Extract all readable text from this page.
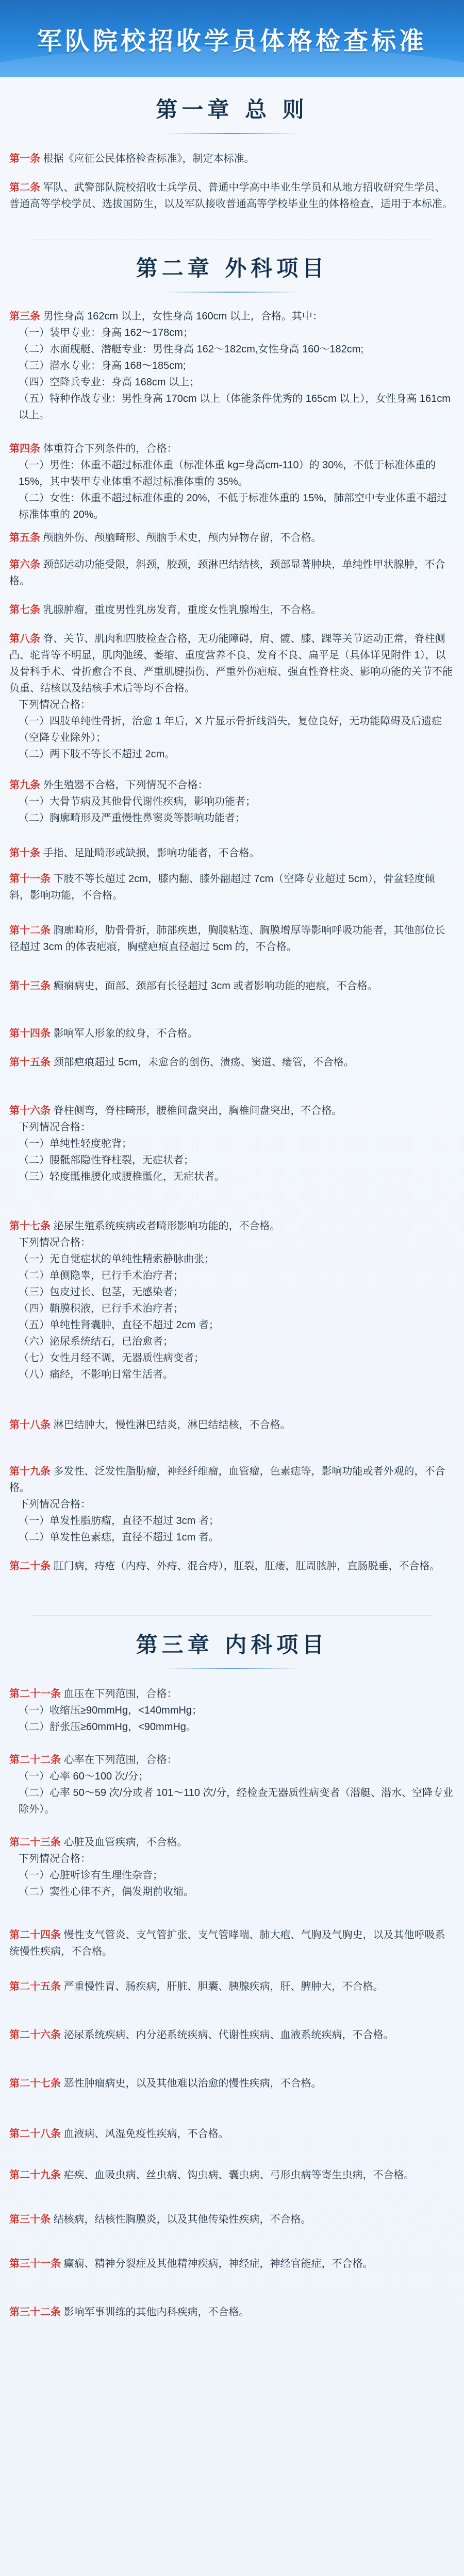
军队院校招收学员体格检查标准
第一章 总 则
第一条 根据《应征公民体格检查标准》，制定本标准。
第二条 军队、武警部队院校招收士兵学员、普通中学高中毕业生学员和从地方招收研究生学员、普通高等学校学员、选拔国防生，以及军队接收普通高等学校毕业生的体格检查，适用于本标准。
第二章 外科项目
第三条 男性身高 162cm 以上，女性身高 160cm 以上，合格。其中：
（一）装甲专业：身高 162～178cm；
（二）水面舰艇、潜艇专业：男性身高 162～182cm,女性身高 160～182cm;
（三）潜水专业：身高 168～185cm;
（四）空降兵专业：身高 168cm 以上；
（五）特种作战专业：男性身高 170cm 以上（体能条件优秀的 165cm 以上），女性身高 161cm 以上。
第四条 体重符合下列条件的，合格：
（一）男性：体重不超过标准体重（标准体重 kg=身高cm-110）的 30%，不低于标准体重的 15%，其中装甲专业体重不超过标准体重的 35%。
（二）女性：体重不超过标准体重的 20%，不低于标准体重的 15%，肺部空中专业体重不超过标准体重的 20%。
第五条 颅脑外伤、颅脑畸形、颅脑手术史，颅内异物存留，不合格。
第六条 颈部运动功能受限，斜颈，胶颈，颈淋巴结结核，颈部显著肿块，单纯性甲状腺肿，不合格。
第七条 乳腺肿瘤，重度男性乳房发育，重度女性乳腺增生，不合格。
第八条 脊、关节、肌肉和四肢检查合格，无功能障碍，肩、髋、膝、踝等关节运动正常，脊柱侧凸、驼背等不明显，肌肉弛缓、萎缩、重度营养不良、发育不良、扁平足（具体详见附件 1），以及骨科手术、骨折愈合不良、严重肌腱损伤、严重外伤疤痕、强直性脊柱炎、影响功能的关节不能负重、结核以及结核手术后等均不合格。
下列情况合格：
（一）四肢单纯性骨折，治愈 1 年后，X 片显示骨折线消失，复位良好，无功能障碍及后遗症（空降专业除外）；
（二）两下肢不等长不超过 2cm。
第九条 外生殖器不合格，下列情况不合格：
（一）大骨节病及其他骨代谢性疾病，影响功能者；
（二）胸廓畸形及严重慢性鼻窦炎等影响功能者；
第十条 手指、足趾畸形或缺损，影响功能者，不合格。
第十一条 下肢不等长超过 2cm，膝内翻、膝外翻超过 7cm（空降专业超过 5cm），骨盆轻度倾斜，影响功能，不合格。
第十二条 胸廓畸形，肋骨骨折，肺部疾患，胸膜粘连、胸膜增厚等影响呼吸功能者，其他部位长径超过 3cm 的体表疤痕，胸壁疤痕直径超过 5cm 的，不合格。
第十三条 癫痫病史，面部、颈部有长径超过 3cm 或者影响功能的疤痕，不合格。
第十四条 影响军人形象的纹身，不合格。
第十五条 颈部疤痕超过 5cm，未愈合的创伤、溃疡、窦道、瘘管，不合格。
第十六条 脊柱侧弯，脊柱畸形，腰椎间盘突出，胸椎间盘突出，不合格。
下列情况合格：
（一）单纯性轻度驼背；
（二）腰骶部隐性脊柱裂，无症状者；
（三）轻度骶椎腰化或腰椎骶化，无症状者。
第十七条 泌尿生殖系统疾病或者畸形影响功能的，不合格。
下列情况合格：
（一）无自觉症状的单纯性精索静脉曲张；
（二）单侧隐睾，已行手术治疗者；
（三）包皮过长、包茎，无感染者；
（四）鞘膜积液，已行手术治疗者；
（五）单纯性肾囊肿，直径不超过 2cm 者；
（六）泌尿系统结石，已治愈者；
（七）女性月经不调，无器质性病变者；
（八）痛经，不影响日常生活者。
第十八条 淋巴结肿大，慢性淋巴结炎，淋巴结结核，不合格。
第十九条 多发性、泛发性脂肪瘤，神经纤维瘤，血管瘤，色素痣等，影响功能或者外观的，不合格。
下列情况合格：
（一）单发性脂肪瘤，直径不超过 3cm 者；
（二）单发性色素痣，直径不超过 1cm 者。
第二十条 肛门病，痔疮（内痔、外痔、混合痔），肛裂，肛瘘，肛周脓肿，直肠脱垂，不合格。
第三章 内科项目
第二十一条 血压在下列范围，合格：
（一）收缩压≥90mmHg，<140mmHg；
（二）舒张压≥60mmHg，<90mmHg。
第二十二条 心率在下列范围，合格：
（一）心率 60～100 次/分；
（二）心率 50～59 次/分或者 101～110 次/分，经检查无器质性病变者（潜艇、潜水、空降专业除外）。
第二十三条 心脏及血管疾病，不合格。
下列情况合格：
（一）心脏听诊有生理性杂音；
（二）窦性心律不齐，偶发期前收缩。
第二十四条 慢性支气管炎、支气管扩张、支气管哮喘、肺大疱、气胸及气胸史，以及其他呼吸系统慢性疾病，不合格。
第二十五条 严重慢性胃、肠疾病，肝脏、胆囊、胰腺疾病，肝、脾肿大，不合格。
第二十六条 泌尿系统疾病、内分泌系统疾病、代谢性疾病、血液系统疾病，不合格。
第二十七条 恶性肿瘤病史，以及其他难以治愈的慢性疾病，不合格。
第二十八条 血液病、风湿免疫性疾病，不合格。
第二十九条 疟疾、血吸虫病、丝虫病、钩虫病、囊虫病、弓形虫病等寄生虫病，不合格。
第三十条 结核病，结核性胸膜炎，以及其他传染性疾病，不合格。
第三十一条 癫痫、精神分裂症及其他精神疾病，神经症，神经官能症，不合格。
第三十二条 影响军事训练的其他内科疾病，不合格。
